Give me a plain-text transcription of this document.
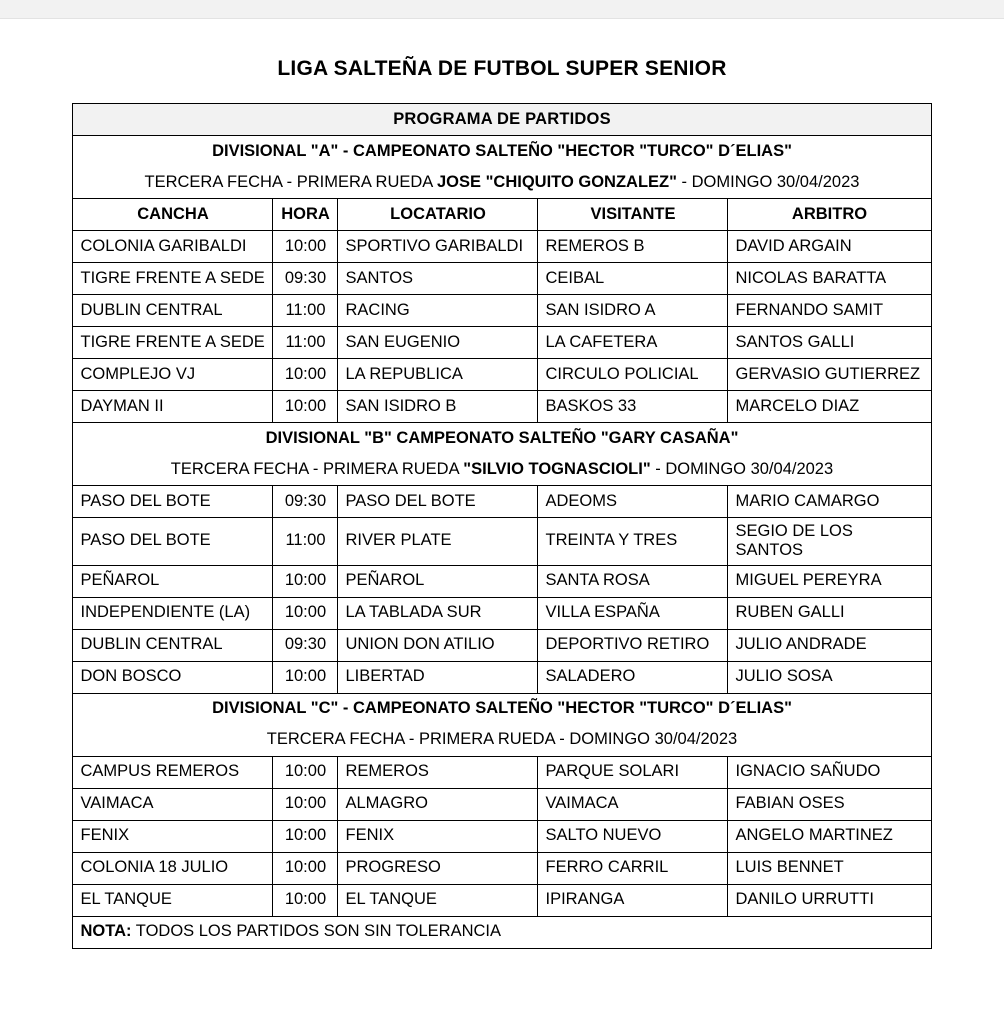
LIGA SALTEÑA DE FUTBOL SUPER SENIOR
PROGRAMA DE PARTIDOS				
DIVISIONAL "A" - CAMPEONATO SALTEÑO "HECTOR "TURCO" D´ELIAS"				
TERCERA FECHA - PRIMERA RUEDA JOSE "CHIQUITO GONZALEZ" - DOMINGO 30/04/2023				
CANCHA	HORA	LOCATARIO	VISITANTE	ARBITRO
COLONIA GARIBALDI	10:00	SPORTIVO GARIBALDI	REMEROS B	DAVID ARGAIN
TIGRE FRENTE A SEDE	09:30	SANTOS	CEIBAL	NICOLAS BARATTA
DUBLIN CENTRAL	11:00	RACING	SAN ISIDRO A	FERNANDO SAMIT
TIGRE FRENTE A SEDE	11:00	SAN EUGENIO	LA CAFETERA	SANTOS GALLI
COMPLEJO VJ	10:00	LA REPUBLICA	CIRCULO POLICIAL	GERVASIO GUTIERREZ
DAYMAN II	10:00	SAN ISIDRO B	BASKOS 33	MARCELO DIAZ
DIVISIONAL "B" CAMPEONATO SALTEÑO "GARY CASAÑA"				
TERCERA FECHA - PRIMERA RUEDA "SILVIO TOGNASCIOLI" - DOMINGO 30/04/2023				
PASO DEL BOTE	09:30	PASO DEL BOTE	ADEOMS	MARIO CAMARGO
PASO DEL BOTE	11:00	RIVER PLATE	TREINTA Y TRES	SEGIO DE LOS SANTOS
PEÑAROL	10:00	PEÑAROL	SANTA ROSA	MIGUEL PEREYRA
INDEPENDIENTE (LA)	10:00	LA TABLADA SUR	VILLA ESPAÑA	RUBEN GALLI
DUBLIN CENTRAL	09:30	UNION DON ATILIO	DEPORTIVO RETIRO	JULIO ANDRADE
DON BOSCO	10:00	LIBERTAD	SALADERO	JULIO SOSA
DIVISIONAL "C" - CAMPEONATO SALTEÑO "HECTOR "TURCO" D´ELIAS"				
TERCERA FECHA - PRIMERA RUEDA - DOMINGO 30/04/2023				
CAMPUS REMEROS	10:00	REMEROS	PARQUE SOLARI	IGNACIO SAÑUDO
VAIMACA	10:00	ALMAGRO	VAIMACA	FABIAN OSES
FENIX	10:00	FENIX	SALTO NUEVO	ANGELO MARTINEZ
COLONIA 18 JULIO	10:00	PROGRESO	FERRO CARRIL	LUIS BENNET
EL TANQUE	10:00	EL TANQUE	IPIRANGA	DANILO URRUTTI
NOTA: TODOS LOS PARTIDOS SON SIN TOLERANCIA				
